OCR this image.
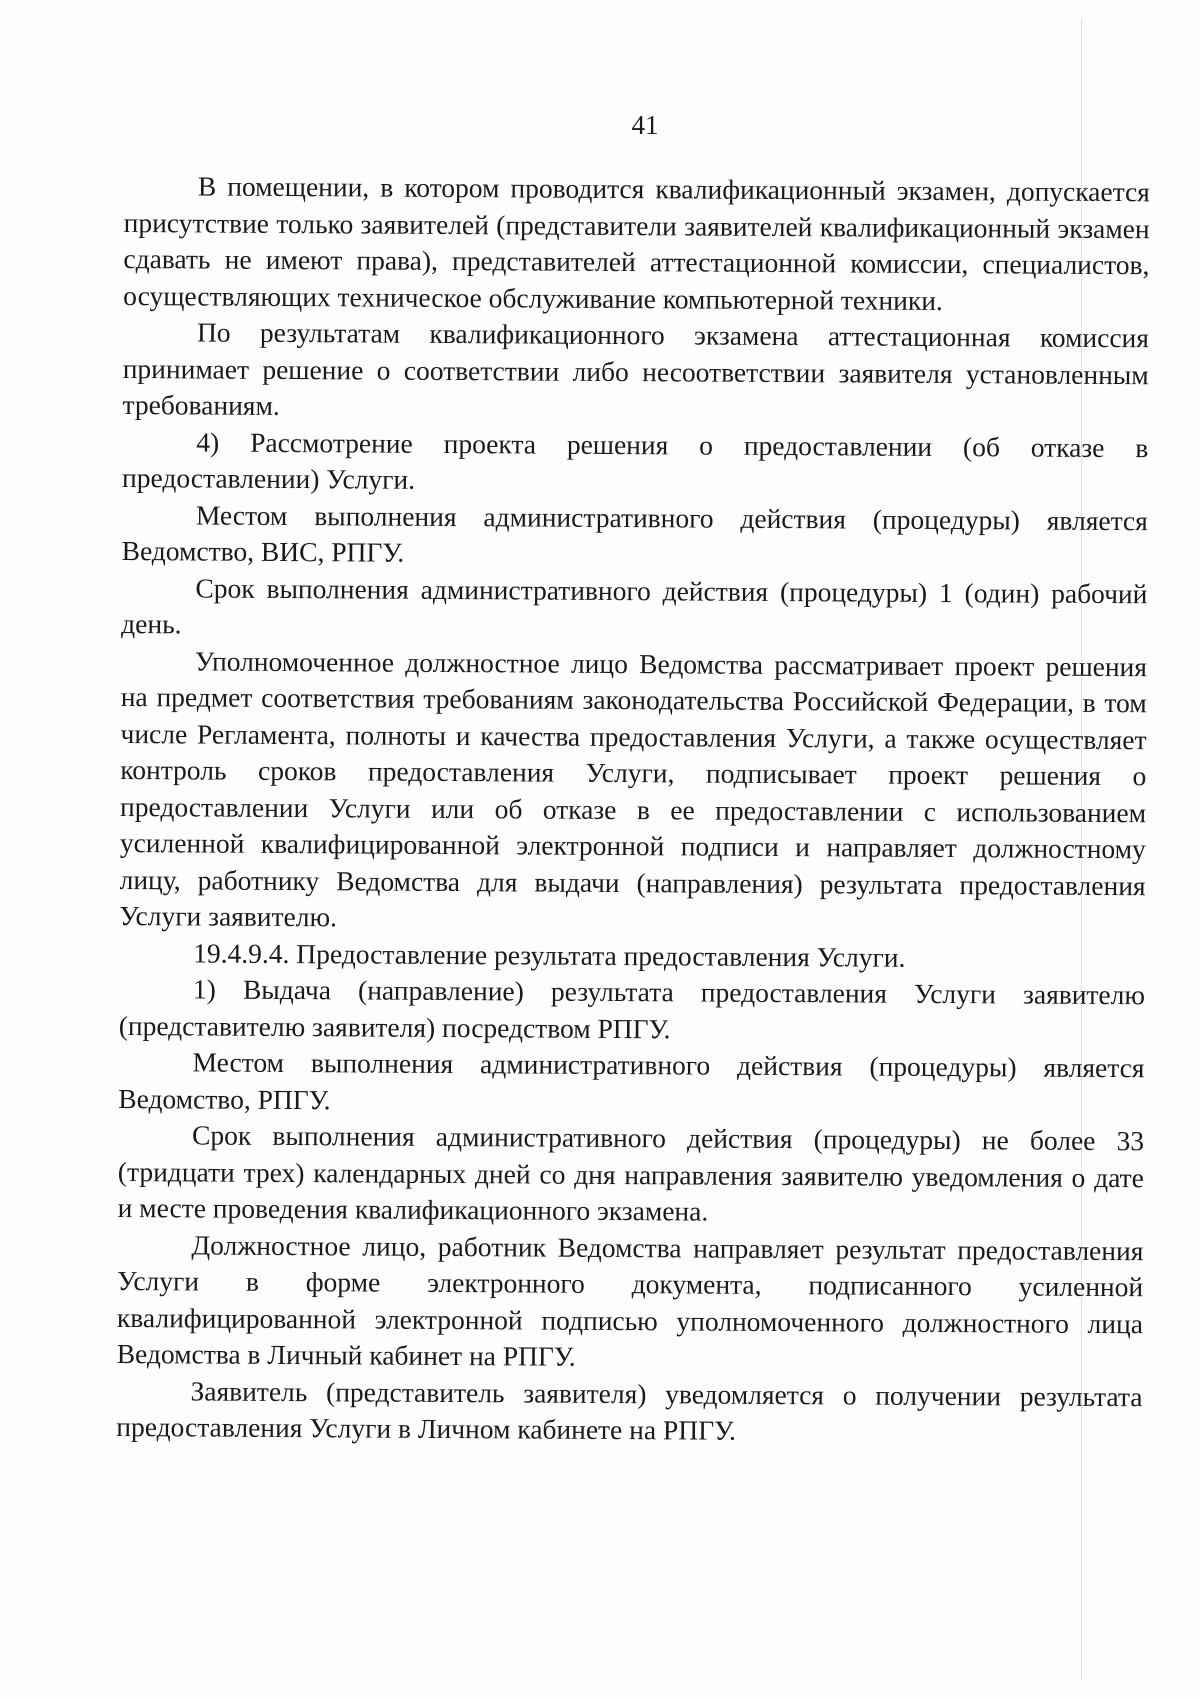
41

В помещении, в котором проводится квалификационный экзамен, допускается присутствие только заявителей (представители заявителей квалификационный экзамен сдавать не имеют права), представителей аттестационной комиссии, специалистов, осуществляющих техническое обслуживание компьютерной техники.

По результатам квалификационного экзамена аттестационная комиссия принимает решение о соответствии либо несоответствии заявителя установленным требованиям.

4) Рассмотрение проекта решения о предоставлении (об отказе в предоставлении) Услуги.

Местом выполнения административного действия (процедуры) является Ведомство, ВИС, РПГУ.

Срок выполнения административного действия (процедуры) 1 (один) рабочий день.

Уполномоченное должностное лицо Ведомства рассматривает проект решения на предмет соответствия требованиям законодательства Российской Федерации, в том числе Регламента, полноты и качества предоставления Услуги, а также осуществляет контроль сроков предоставления Услуги, подписывает проект решения о предоставлении Услуги или об отказе в ее предоставлении с использованием усиленной квалифицированной электронной подписи и направляет должностному лицу, работнику Ведомства для выдачи (направления) результата предоставления Услуги заявителю.

19.4.9.4. Предоставление результата предоставления Услуги.

1) Выдача (направление) результата предоставления Услуги заявителю (представителю заявителя) посредством РПГУ.

Местом выполнения административного действия (процедуры) является Ведомство, РПГУ.

Срок выполнения административного действия (процедуры) не более 33 (тридцати трех) календарных дней со дня направления заявителю уведомления о дате и месте проведения квалификационного экзамена.

Должностное лицо, работник Ведомства направляет результат предоставления Услуги в форме электронного документа, подписанного усиленной квалифицированной электронной подписью уполномоченного должностного лица Ведомства в Личный кабинет на РПГУ.

Заявитель (представитель заявителя) уведомляется о получении результата предоставления Услуги в Личном кабинете на РПГУ.
